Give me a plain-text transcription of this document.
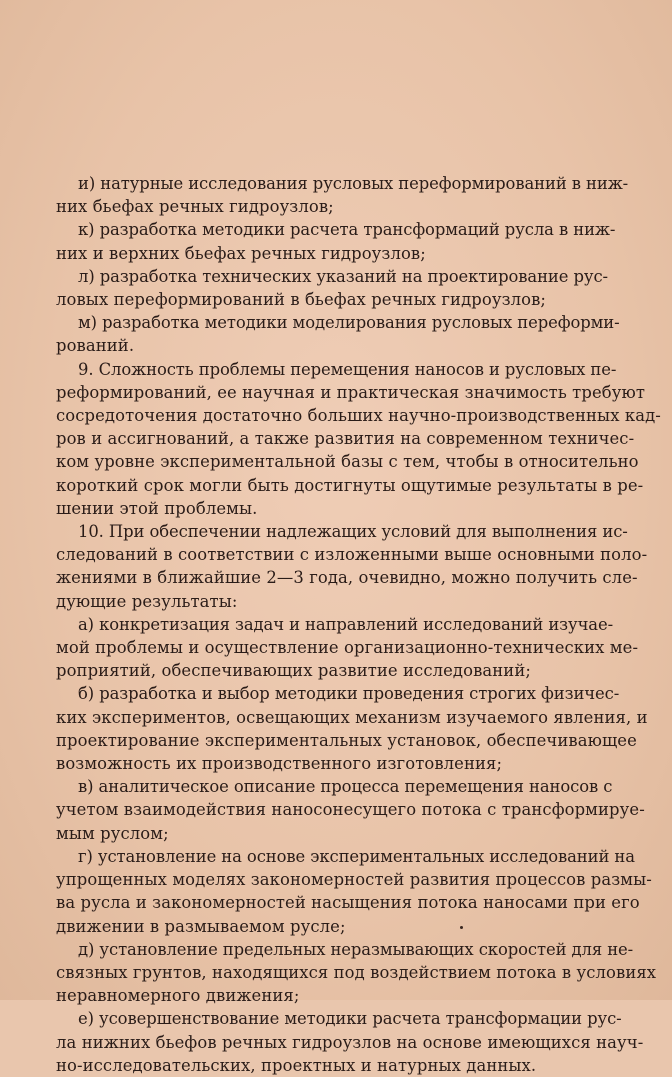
и) натурные исследования русловых переформирований в ниж-
них бьефах речных гидроузлов;
к) разработка методики расчета трансформаций русла в ниж-
них и верхних бьефах речных гидроузлов;
л) разработка технических указаний на проектирование рус-
ловых переформирований в бьефах речных гидроузлов;
м) разработка методики моделирования русловых переформи-
рований.
9. Сложность проблемы перемещения наносов и русловых пе-
реформирований, ее научная и практическая значимость требуют
сосредоточения достаточно больших научно-производственных кад-
ров и ассигнований, а также развития на современном техничес-
ком уровне экспериментальной базы с тем, чтобы в относительно
короткий срок могли быть достигнуты ощутимые результаты в ре-
шении этой проблемы.
10. При обеспечении надлежащих условий для выполнения ис-
следований в соответствии с изложенными выше основными поло-
жениями в ближайшие 2—3 года, очевидно, можно получить сле-
дующие результаты:
а) конкретизация задач и направлений исследований изучае-
мой проблемы и осуществление организационно-технических ме-
роприятий, обеспечивающих развитие исследований;
б) разработка и выбор методики проведения строгих физичес-
ких экспериментов, освещающих механизм изучаемого явления, и
проектирование экспериментальных установок, обеспечивающее
возможность их производственного изготовления;
в) аналитическое описание процесса перемещения наносов с
учетом взаимодействия наносонесущего потока с трансформируе-
мым руслом;
г) установление на основе экспериментальных исследований на
упрощенных моделях закономерностей развития процессов размы-
ва русла и закономерностей насыщения потока наносами при его
движении в размываемом русле;
д) установление предельных неразмывающих скоростей для не-
связных грунтов, находящихся под воздействием потока в условиях
неравномерного движения;
е) усовершенствование методики расчета трансформации рус-
ла нижних бьефов речных гидроузлов на основе имеющихся науч-
но-исследовательских, проектных и натурных данных.
